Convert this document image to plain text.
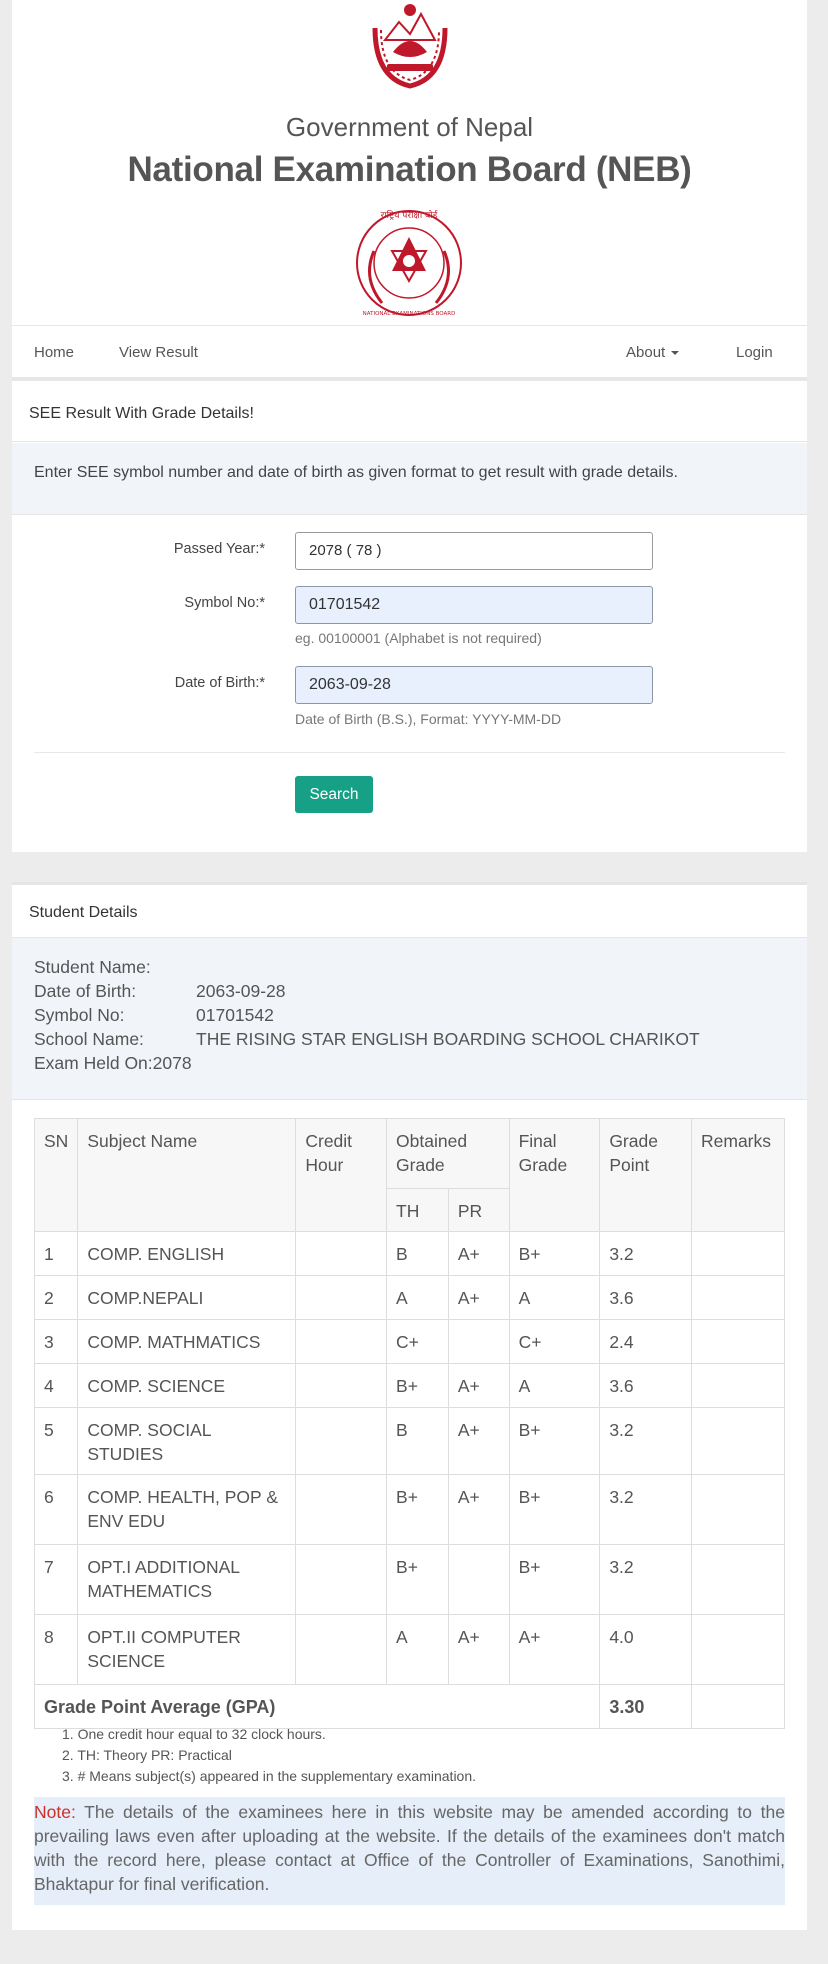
Government of Nepal
National Examination Board (NEB)
राष्ट्रिय परीक्षा बोर्ड
NATIONAL EXAMINATIONS BOARD
Home	View Result	About	Login
SEE Result With Grade Details!
Enter SEE symbol number and date of birth as given format to get result with grade details.
Passed Year:*	2078 ( 78 )
Symbol No:*	01701542
eg. 00100001 (Alphabet is not required)
Date of Birth:*	2063-09-28
Date of Birth (B.S.), Format: YYYY-MM-DD
Search
Student Details
Student Name:
Date of Birth:	2063-09-28
Symbol No:	01701542
School Name:	THE RISING STAR ENGLISH BOARDING SCHOOL CHARIKOT
Exam Held On:2078
SN	Subject Name	Credit Hour	Obtained Grade		Final Grade	Grade Point	Remarks
			TH	PR			
1	COMP. ENGLISH		B	A+	B+	3.2	
2	COMP.NEPALI		A	A+	A	3.6	
3	COMP. MATHMATICS		C+		C+	2.4	
4	COMP. SCIENCE		B+	A+	A	3.6	
5	COMP. SOCIAL STUDIES		B	A+	B+	3.2	
6	COMP. HEALTH, POP & ENV EDU		B+	A+	B+	3.2	
7	OPT.I ADDITIONAL MATHEMATICS		B+		B+	3.2	
8	OPT.II COMPUTER SCIENCE		A	A+	A+	4.0	
Grade Point Average (GPA)						3.30	
1. One credit hour equal to 32 clock hours.
2. TH: Theory PR: Practical
3. # Means subject(s) appeared in the supplementary examination.
Note: The details of the examinees here in this website may be amended according to the prevailing laws even after uploading at the website. If the details of the examinees don't match with the record here, please contact at Office of the Controller of Examinations, Sanothimi, Bhaktapur for final verification.
